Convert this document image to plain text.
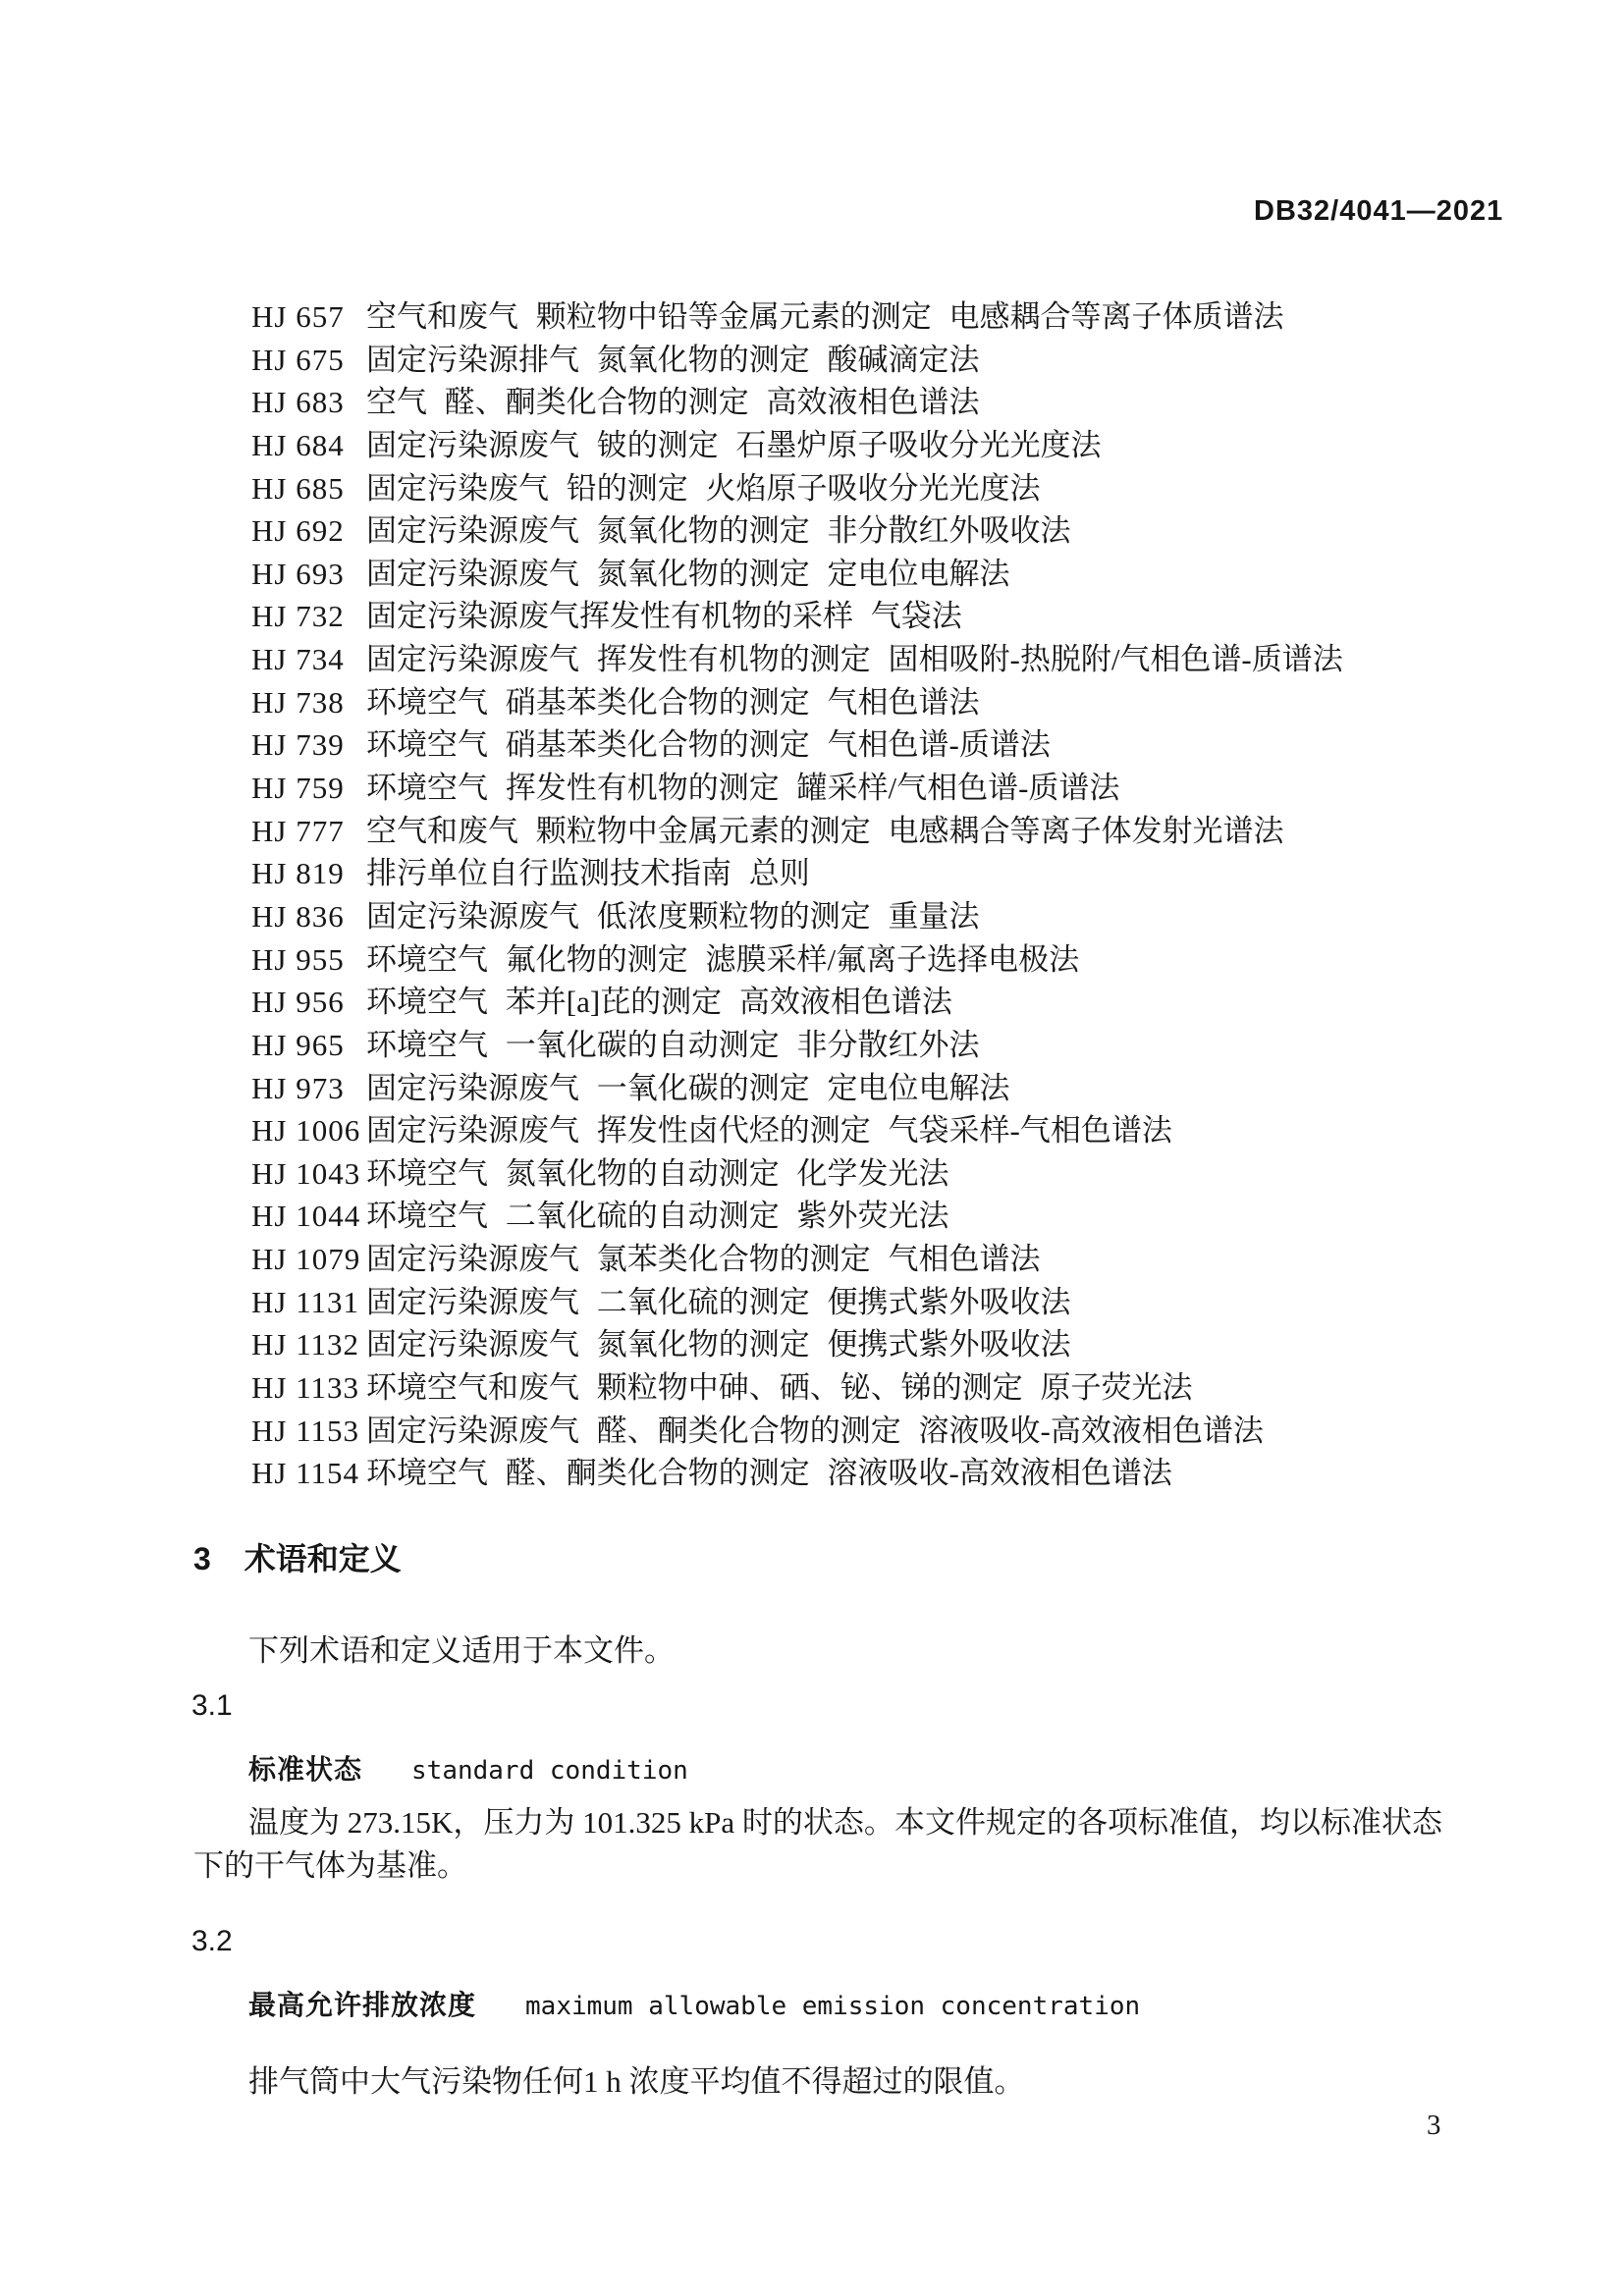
DB32/4041—2021
HJ 657 空气和废气 颗粒物中铅等金属元素的测定 电感耦合等离子体质谱法
HJ 675 固定污染源排气 氮氧化物的测定 酸碱滴定法
HJ 683 空气 醛、酮类化合物的测定 高效液相色谱法
HJ 684 固定污染源废气 铍的测定 石墨炉原子吸收分光光度法
HJ 685 固定污染废气 铅的测定 火焰原子吸收分光光度法
HJ 692 固定污染源废气 氮氧化物的测定 非分散红外吸收法
HJ 693 固定污染源废气 氮氧化物的测定 定电位电解法
HJ 732 固定污染源废气挥发性有机物的采样 气袋法
HJ 734 固定污染源废气 挥发性有机物的测定 固相吸附-热脱附/气相色谱-质谱法
HJ 738 环境空气 硝基苯类化合物的测定 气相色谱法
HJ 739 环境空气 硝基苯类化合物的测定 气相色谱-质谱法
HJ 759 环境空气 挥发性有机物的测定 罐采样/气相色谱-质谱法
HJ 777 空气和废气 颗粒物中金属元素的测定 电感耦合等离子体发射光谱法
HJ 819 排污单位自行监测技术指南 总则
HJ 836 固定污染源废气 低浓度颗粒物的测定 重量法
HJ 955 环境空气 氟化物的测定 滤膜采样/氟离子选择电极法
HJ 956 环境空气 苯并[a]芘的测定 高效液相色谱法
HJ 965 环境空气 一氧化碳的自动测定 非分散红外法
HJ 973 固定污染源废气 一氧化碳的测定 定电位电解法
HJ 1006 固定污染源废气 挥发性卤代烃的测定 气袋采样-气相色谱法
HJ 1043 环境空气 氮氧化物的自动测定 化学发光法
HJ 1044 环境空气 二氧化硫的自动测定 紫外荧光法
HJ 1079 固定污染源废气 氯苯类化合物的测定 气相色谱法
HJ 1131 固定污染源废气 二氧化硫的测定 便携式紫外吸收法
HJ 1132 固定污染源废气 氮氧化物的测定 便携式紫外吸收法
HJ 1133 环境空气和废气 颗粒物中砷、硒、铋、锑的测定 原子荧光法
HJ 1153 固定污染源废气 醛、酮类化合物的测定 溶液吸收-高效液相色谱法
HJ 1154 环境空气 醛、酮类化合物的测定 溶液吸收-高效液相色谱法
3 术语和定义
下列术语和定义适用于本文件。
3.1
标准状态 standard condition
温度为 273.15K，压力为 101.325 kPa 时的状态。本文件规定的各项标准值，均以标准状态下的干气体为基准。
3.2
最高允许排放浓度 maximum allowable emission concentration
排气筒中大气污染物任何1 h 浓度平均值不得超过的限值。
3
